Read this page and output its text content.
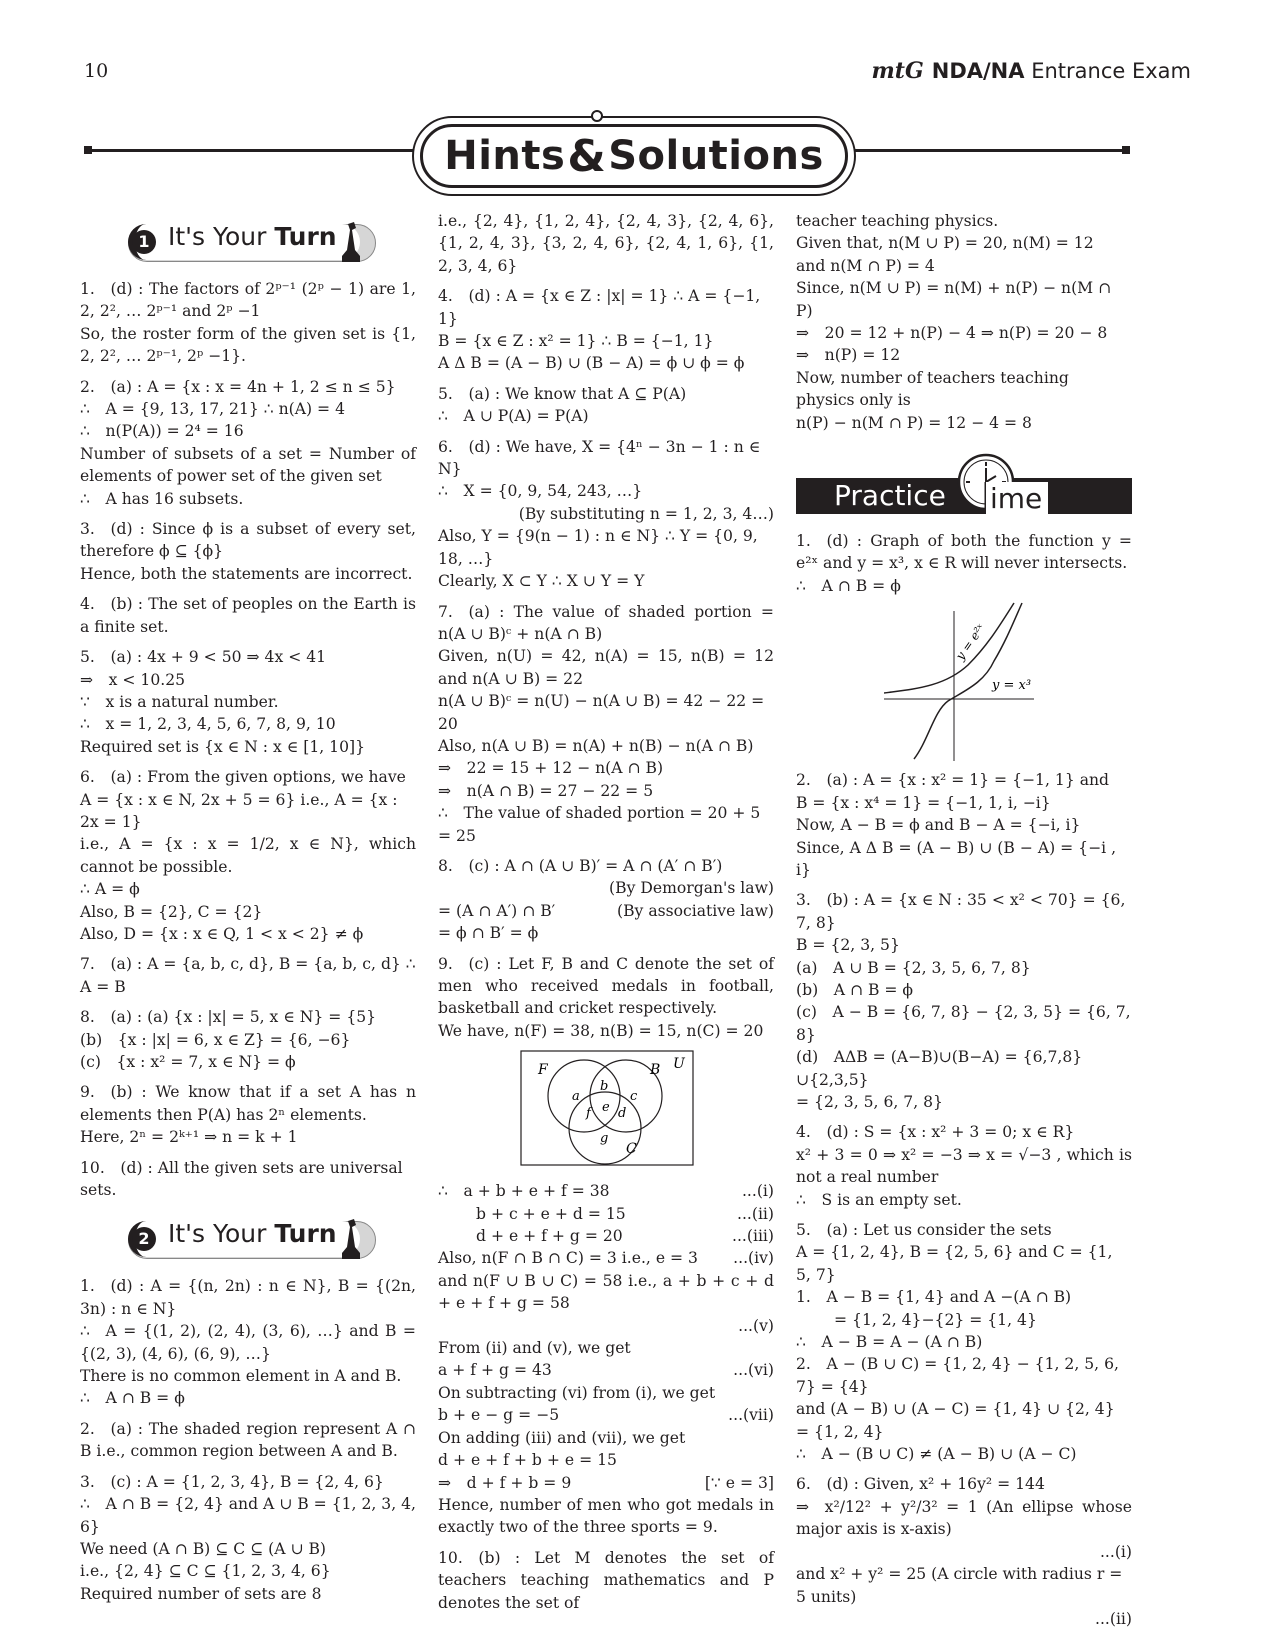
10	mtG NDA/NA Entrance Exam
Hints & Solutions
1 It's Your Turn

1. (d) : The factors of 2ᵖ⁻¹ (2ᵖ − 1) are 1, 2, 2², … 2ᵖ⁻¹ and 2ᵖ −1

So, the roster form of the given set is {1, 2, 2², … 2ᵖ⁻¹, 2ᵖ −1}.

2. (a) : A = {x : x = 4n + 1, 2 ≤ n ≤ 5}

∴ A = {9, 13, 17, 21} ∴ n(A) = 4

∴ n(P(A)) = 2⁴ = 16

Number of subsets of a set = Number of elements of power set of the given set

∴ A has 16 subsets.

3. (d) : Since ϕ is a subset of every set, therefore ϕ ⊆ {ϕ}

Hence, both the statements are incorrect.

4. (b) : The set of peoples on the Earth is a finite set.

5. (a) : 4x + 9 < 50 ⇒ 4x < 41

⇒ x < 10.25

∵ x is a natural number.

∴ x = 1, 2, 3, 4, 5, 6, 7, 8, 9, 10

Required set is {x ∈ N : x ∈ [1, 10]}

6. (a) : From the given options, we have

A = {x : x ∈ N, 2x + 5 = 6} i.e., A = {x : 2x = 1}

i.e., A = {x : x = 1/2, x ∈ N}, which cannot be possible.

∴ A = ϕ

Also, B = {2}, C = {2}

Also, D = {x : x ∈ Q, 1 < x < 2} ≠ ϕ

7. (a) : A = {a, b, c, d}, B = {a, b, c, d} ∴ A = B

8. (a) : (a) {x : |x| = 5, x ∈ N} = {5}

(b) {x : |x| = 6, x ∈ Z} = {6, −6}

(c) {x : x² = 7, x ∈ N} = ϕ

9. (b) : We know that if a set A has n elements then P(A) has 2ⁿ elements.

Here, 2ⁿ = 2ᵏ⁺¹ ⇒ n = k + 1

10. (d) : All the given sets are universal sets.

2 It's Your Turn

1. (d) : A = {(n, 2n) : n ∈ N}, B = {(2n, 3n) : n ∈ N}

∴ A = {(1, 2), (2, 4), (3, 6), …} and B = {(2, 3), (4, 6), (6, 9), …}

There is no common element in A and B.

∴ A ∩ B = ϕ

2. (a) : The shaded region represent A ∩ B i.e., common region between A and B.

3. (c) : A = {1, 2, 3, 4}, B = {2, 4, 6}

∴ A ∩ B = {2, 4} and A ∪ B = {1, 2, 3, 4, 6}

We need (A ∩ B) ⊆ C ⊆ (A ∪ B)

i.e., {2, 4} ⊆ C ⊆ {1, 2, 3, 4, 6}

Required number of sets are 8

i.e., {2, 4}, {1, 2, 4}, {2, 4, 3}, {2, 4, 6}, {1, 2, 4, 3}, {3, 2, 4, 6}, {2, 4, 1, 6}, {1, 2, 3, 4, 6}

4. (d) : A = {x ∈ Z : |x| = 1} ∴ A = {−1, 1}

B = {x ∈ Z : x² = 1} ∴ B = {−1, 1}

A Δ B = (A − B) ∪ (B − A) = ϕ ∪ ϕ = ϕ

5. (a) : We know that A ⊆ P(A)

∴ A ∪ P(A) = P(A)

6. (d) : We have, X = {4ⁿ − 3n − 1 : n ∈ N}

∴ X = {0, 9, 54, 243, …}

(By substituting n = 1, 2, 3, 4…)

Also, Y = {9(n − 1) : n ∈ N} ∴ Y = {0, 9, 18, …}

Clearly, X ⊂ Y ∴ X ∪ Y = Y

7. (a) : The value of shaded portion = n(A ∪ B)ᶜ + n(A ∩ B)

Given, n(U) = 42, n(A) = 15, n(B) = 12 and n(A ∪ B) = 22

n(A ∪ B)ᶜ = n(U) − n(A ∪ B) = 42 − 22 = 20

Also, n(A ∪ B) = n(A) + n(B) − n(A ∩ B)

⇒ 22 = 15 + 12 − n(A ∩ B)

⇒ n(A ∩ B) = 27 − 22 = 5

∴ The value of shaded portion = 20 + 5 = 25

8. (c) : A ∩ (A ∪ B)′ = A ∩ (A′ ∩ B′)

(By Demorgan's law)

= (A ∩ A′) ∩ B′	(By associative law)

= ϕ ∩ B′ = ϕ

9. (c) : Let F, B and C denote the set of men who received medals in football, basketball and cricket respectively.

We have, n(F) = 38, n(B) = 15, n(C) = 20

F	B U
C
a
b
c
d
e
f
g
∴ a + b + e + f = 38	...(i)
b + c + e + d = 15	...(ii)
d + e + f + g = 20	...(iii)
Also, n(F ∩ B ∩ C) = 3 i.e., e = 3 ...(iv)

and n(F ∪ B ∪ C) = 58 i.e., a + b + c + d + e + f + g = 58

...(v)

From (ii) and (v), we get

a + f + g = 43	...(vi)

On subtracting (vi) from (i), we get

b + e − g = −5	...(vii)

On adding (iii) and (vii), we get

d + e + f + b + e = 15

⇒ d + f + b = 9	[∵ e = 3]

Hence, number of men who got medals in exactly two of the three sports = 9.

10. (b) : Let M denotes the set of teachers teaching mathematics and P denotes the set of

teacher teaching physics.

Given that, n(M ∪ P) = 20, n(M) = 12

and n(M ∩ P) = 4

Since, n(M ∪ P) = n(M) + n(P) − n(M ∩ P)

⇒ 20 = 12 + n(P) − 4 ⇒ n(P) = 20 − 8

⇒ n(P) = 12

Now, number of teachers teaching physics only is

n(P) − n(M ∩ P) = 12 − 4 = 8

Practice ime

1. (d) : Graph of both the function y = e²ˣ and y = x³, x ∈ R will never intersects.

∴ A ∩ B = ϕ

y = e²ˣ
y = x³

2. (a) : A = {x : x² = 1} = {−1, 1} and

B = {x : x⁴ = 1} = {−1, 1, i, −i}

Now, A − B = ϕ and B − A = {−i, i}

Since, A Δ B = (A − B) ∪ (B − A) = {−i , i}

3. (b) : A = {x ∈ N : 35 < x² < 70} = {6, 7, 8}

B = {2, 3, 5}

(a) A ∪ B = {2, 3, 5, 6, 7, 8}

(b) A ∩ B = ϕ

(c) A − B = {6, 7, 8} − {2, 3, 5} = {6, 7, 8}

(d) AΔB = (A−B)∪(B−A) = {6,7,8}∪{2,3,5}

= {2, 3, 5, 6, 7, 8}

4. (d) : S = {x : x² + 3 = 0; x ∈ R}

x² + 3 = 0 ⇒ x² = −3 ⇒ x = √−3 , which is not a real number

∴ S is an empty set.

5. (a) : Let us consider the sets

A = {1, 2, 4}, B = {2, 5, 6} and C = {1, 5, 7}

1. A − B = {1, 4} and A −(A ∩ B)

= {1, 2, 4}−{2} = {1, 4}

∴ A − B = A − (A ∩ B)

2. A − (B ∪ C) = {1, 2, 4} − {1, 2, 5, 6, 7} = {4}

and (A − B) ∪ (A − C) = {1, 4} ∪ {2, 4} = {1, 2, 4}

∴ A − (B ∪ C) ≠ (A − B) ∪ (A − C)

6. (d) : Given, x² + 16y² = 144

⇒ x²/12² + y²/3² = 1 (An ellipse whose major axis is x-axis)

...(i)

and x² + y² = 25 (A circle with radius r = 5 units)

...(ii)
